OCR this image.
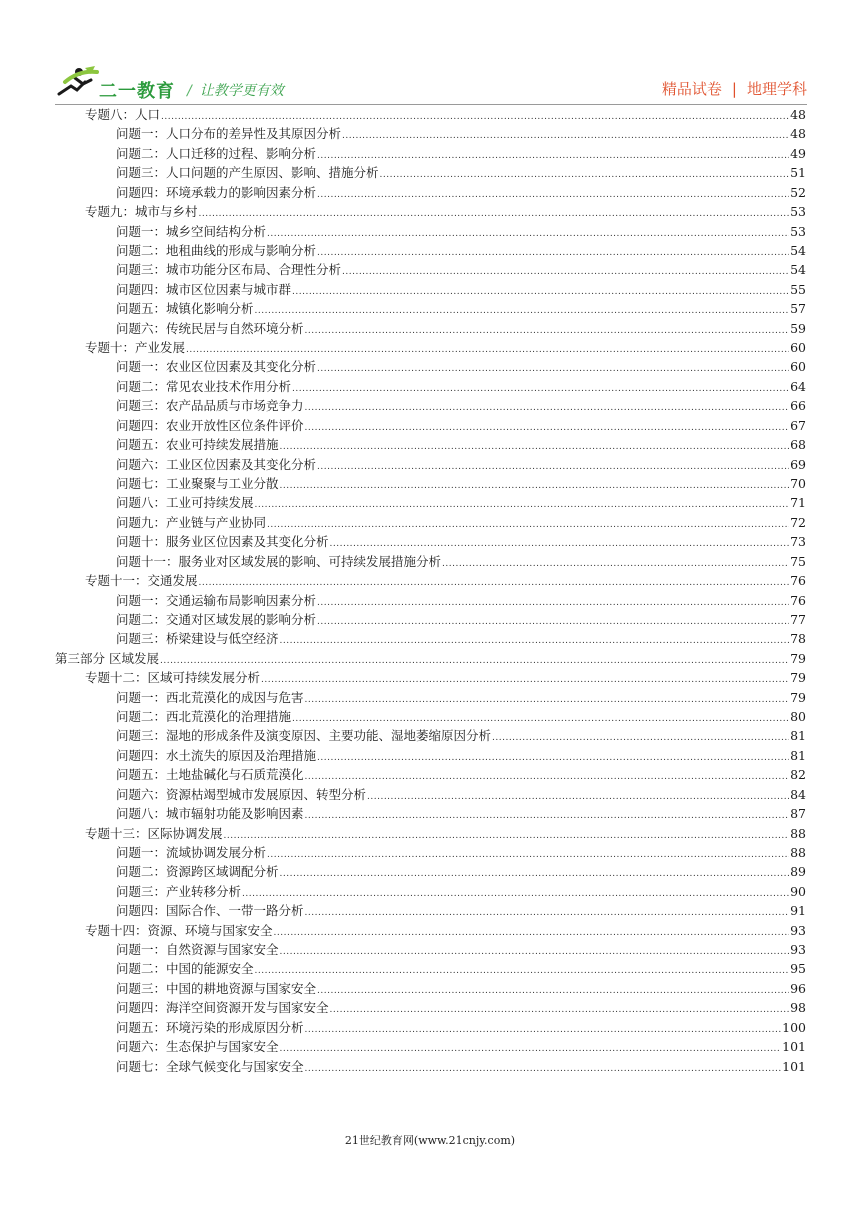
二一教育 / 让教学更有效	精品试卷 | 地理学科
专题八：人口 .....	48
问题一：人口分布的差异性及其原因分析 .....	48
问题二：人口迁移的过程、影响分析 .....	49
问题三：人口问题的产生原因、影响、措施分析 .....	51
问题四：环境承载力的影响因素分析 .....	52
专题九：城市与乡村 .....	53
问题一：城乡空间结构分析 .....	53
问题二：地租曲线的形成与影响分析 .....	54
问题三：城市功能分区布局、合理性分析 .....	54
问题四：城市区位因素与城市群 .....	55
问题五：城镇化影响分析 .....	57
问题六：传统民居与自然环境分析 .....	59
专题十：产业发展 .....	60
问题一：农业区位因素及其变化分析 .....	60
问题二：常见农业技术作用分析 .....	64
问题三：农产品品质与市场竞争力 .....	66
问题四：农业开放性区位条件评价 .....	67
问题五：农业可持续发展措施 .....	68
问题六：工业区位因素及其变化分析 .....	69
问题七：工业聚聚与工业分散 .....	70
问题八：工业可持续发展 .....	71
问题九：产业链与产业协同 .....	72
问题十：服务业区位因素及其变化分析 .....	73
问题十一：服务业对区域发展的影响、可持续发展措施分析 .....	75
专题十一：交通发展 .....	76
问题一：交通运输布局影响因素分析 .....	76
问题二：交通对区域发展的影响分析 .....	77
问题三：桥梁建设与低空经济 .....	78
第三部分 区域发展 .....	79
专题十二：区域可持续发展分析 .....	79
问题一：西北荒漠化的成因与危害 .....	79
问题二：西北荒漠化的治理措施 .....	80
问题三：湿地的形成条件及演变原因、主要功能、湿地萎缩原因分析 .....	81
问题四：水土流失的原因及治理措施 .....	81
问题五：土地盐碱化与石质荒漠化 .....	82
问题六：资源枯竭型城市发展原因、转型分析 .....	84
问题八：城市辐射功能及影响因素 .....	87
专题十三：区际协调发展 .....	88
问题一：流域协调发展分析 .....	88
问题二：资源跨区域调配分析 .....	89
问题三：产业转移分析 .....	90
问题四：国际合作、一带一路分析 .....	91
专题十四：资源、环境与国家安全 .....	93
问题一：自然资源与国家安全 .....	93
问题二：中国的能源安全 .....	95
问题三：中国的耕地资源与国家安全 .....	96
问题四：海洋空间资源开发与国家安全 .....	98
问题五：环境污染的形成原因分析 .....	100
问题六：生态保护与国家安全 .....	101
问题七：全球气候变化与国家安全 .....	101
21世纪教育网(www.21cnjy.com)
